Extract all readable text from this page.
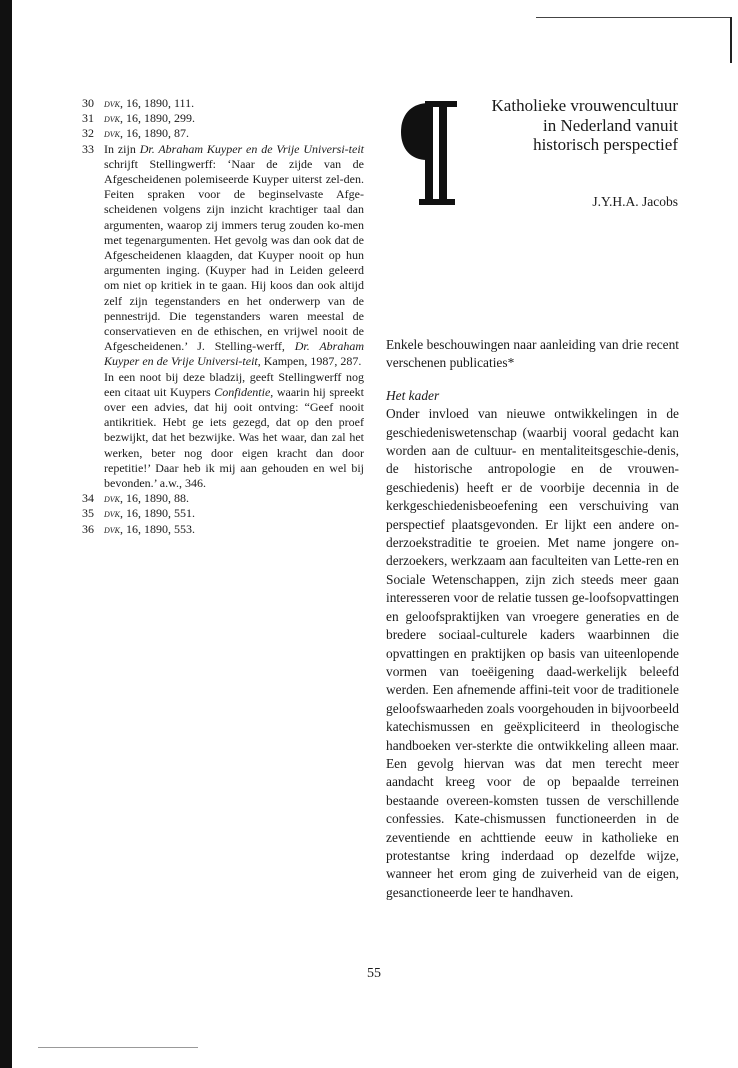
30 dvk, 16, 1890, 111.
31 dvk, 16, 1890, 299.
32 dvk, 16, 1890, 87.
33 In zijn Dr. Abraham Kuyper en de Vrije Universi-teit schrijft Stellingwerff: ‘Naar de zijde van de Afgescheidenen polemiseerde Kuyper uiterst zel-den. Feiten spraken voor de beginselvaste Afge-scheidenen volgens zijn inzicht krachtiger taal dan argumenten, waarop zij immers terug zouden ko-men met tegenargumenten. Het gevolg was dan ook dat de Afgescheidenen klaagden, dat Kuyper nooit op hun argumenten inging. (Kuyper had in Leiden geleerd om niet op kritiek in te gaan. Hij koos dan ook altijd zelf zijn tegenstanders en het onderwerp van de pennestrijd. Die tegenstanders waren meestal de conservatieven en de ethischen, en vrijwel nooit de Afgescheidenen.’ J. Stelling-werff, Dr. Abraham Kuyper en de Vrije Universi-teit, Kampen, 1987, 287.
In een noot bij deze bladzij, geeft Stellingwerff nog een citaat uit Kuypers Confidentie, waarin hij spreekt over een advies, dat hij ooit ontving: “Geef nooit antikritiek. Hebt ge iets gezegd, dat op den proef bezwijkt, dat het bezwijke. Was het waar, dan zal het werken, beter nog door eigen kracht dan door repetitie!’ Daar heb ik mij aan gehouden en wel bij bevonden.’ a.w., 346.
34 dvk, 16, 1890, 88.
35 dvk, 16, 1890, 551.
36 dvk, 16, 1890, 553.
Katholieke vrouwencultuur
in Nederland vanuit
historisch perspectief
J.Y.H.A. Jacobs
Enkele beschouwingen naar aanleiding van drie recent verschenen publicaties*
Het kader
Onder invloed van nieuwe ontwikkelingen in de geschiedeniswetenschap (waarbij vooral gedacht kan worden aan de cultuur- en mentaliteitsgeschie-denis, de historische antropologie en de vrouwen-geschiedenis) heeft er de voorbije decennia in de kerkgeschiedenisbeoefening een verschuiving van perspectief plaatsgevonden. Er lijkt een andere on-derzoekstraditie te groeien. Met name jongere on-derzoekers, werkzaam aan faculteiten van Lette-ren en Sociale Wetenschappen, zijn zich steeds meer gaan interesseren voor de relatie tussen ge-loofsopvattingen en geloofspraktijken van vroegere generaties en de bredere sociaal-culturele kaders waarbinnen die opvattingen en praktijken op basis van uiteenlopende vormen van toeëigening daad-werkelijk beleefd werden. Een afnemende affini-teit voor de traditionele geloofswaarheden zoals voorgehouden in bijvoorbeeld katechismussen en geëxpliciteerd in theologische handboeken ver-sterkte die ontwikkeling alleen maar. Een gevolg hiervan was dat men terecht meer aandacht kreeg voor de op bepaalde terreinen bestaande overeen-komsten tussen de verschillende confessies. Kate-chismussen functioneerden in de zeventiende en achttiende eeuw in katholieke en protestantse kring inderdaad op dezelfde wijze, wanneer het erom ging de zuiverheid van de eigen, gesanctioneerde leer te handhaven.
55
